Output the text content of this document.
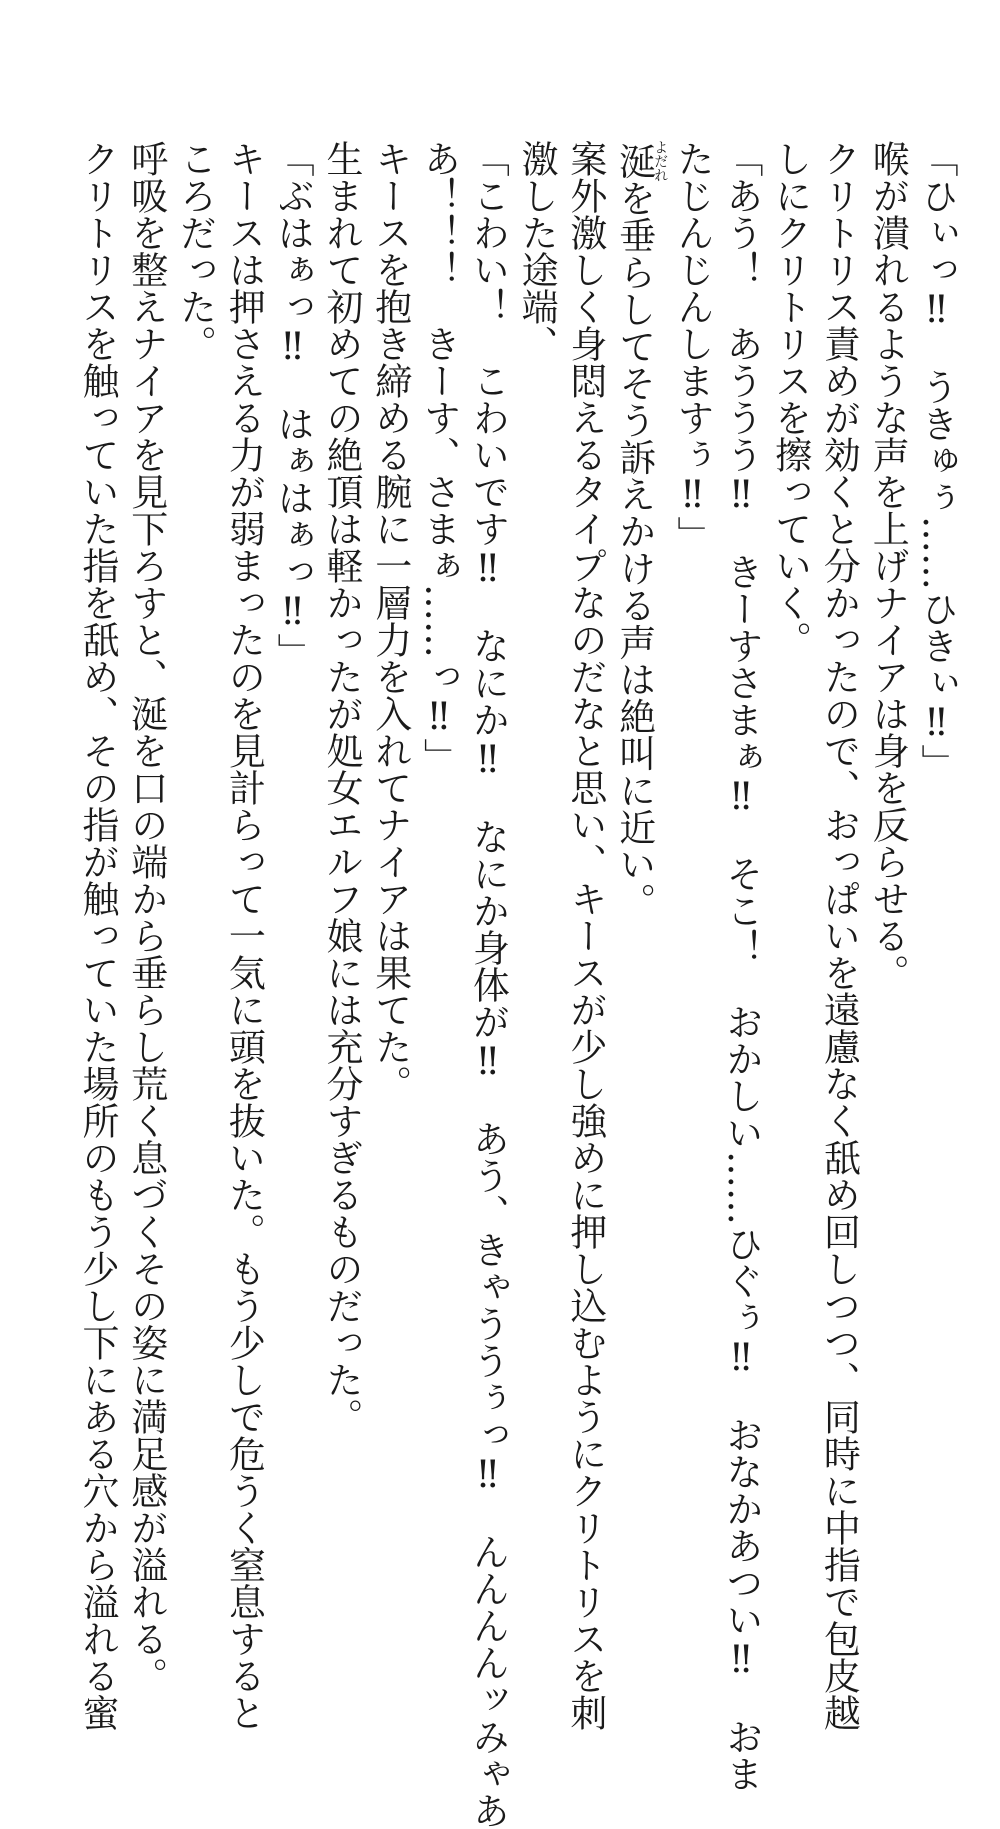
「ひぃっ‼　うきゅぅ……ひきぃ‼」

喉が潰れるような声を上げナイアは身を反らせる。

クリトリス責めが効くと分かったので、おっぱいを遠慮なく舐め回しつつ、同時に中指で包皮越

しにクリトリスを擦っていく。

「あう！　あううう‼　きーすさまぁ‼　そこ！　おかしい……ひぐぅ‼　おなかあつい‼　おま

たじんじんしますぅ‼」

涎よだれを垂らしてそう訴えかける声は絶叫に近い。

案外激しく身悶えるタイプなのだなと思い、キースが少し強めに押し込むようにクリトリスを刺

激した途端、

「こわい！　こわいです‼　なにか‼　なにか身体が‼　あう、きゃううぅっ‼　んんんんッみゃあ

あ！！！　きーす、さまぁ……っ‼」

キースを抱き締める腕に一層力を入れてナイアは果てた。

生まれて初めての絶頂は軽かったが処女エルフ娘には充分すぎるものだった。

「ぶはぁっ‼　はぁはぁっ‼」

キースは押さえる力が弱まったのを見計らって一気に頭を抜いた。もう少しで危うく窒息すると

ころだった。

呼吸を整えナイアを見下ろすと、涎を口の端から垂らし荒く息づくその姿に満足感が溢れる。

クリトリスを触っていた指を舐め、その指が触っていた場所のもう少し下にある穴から溢れる蜜
